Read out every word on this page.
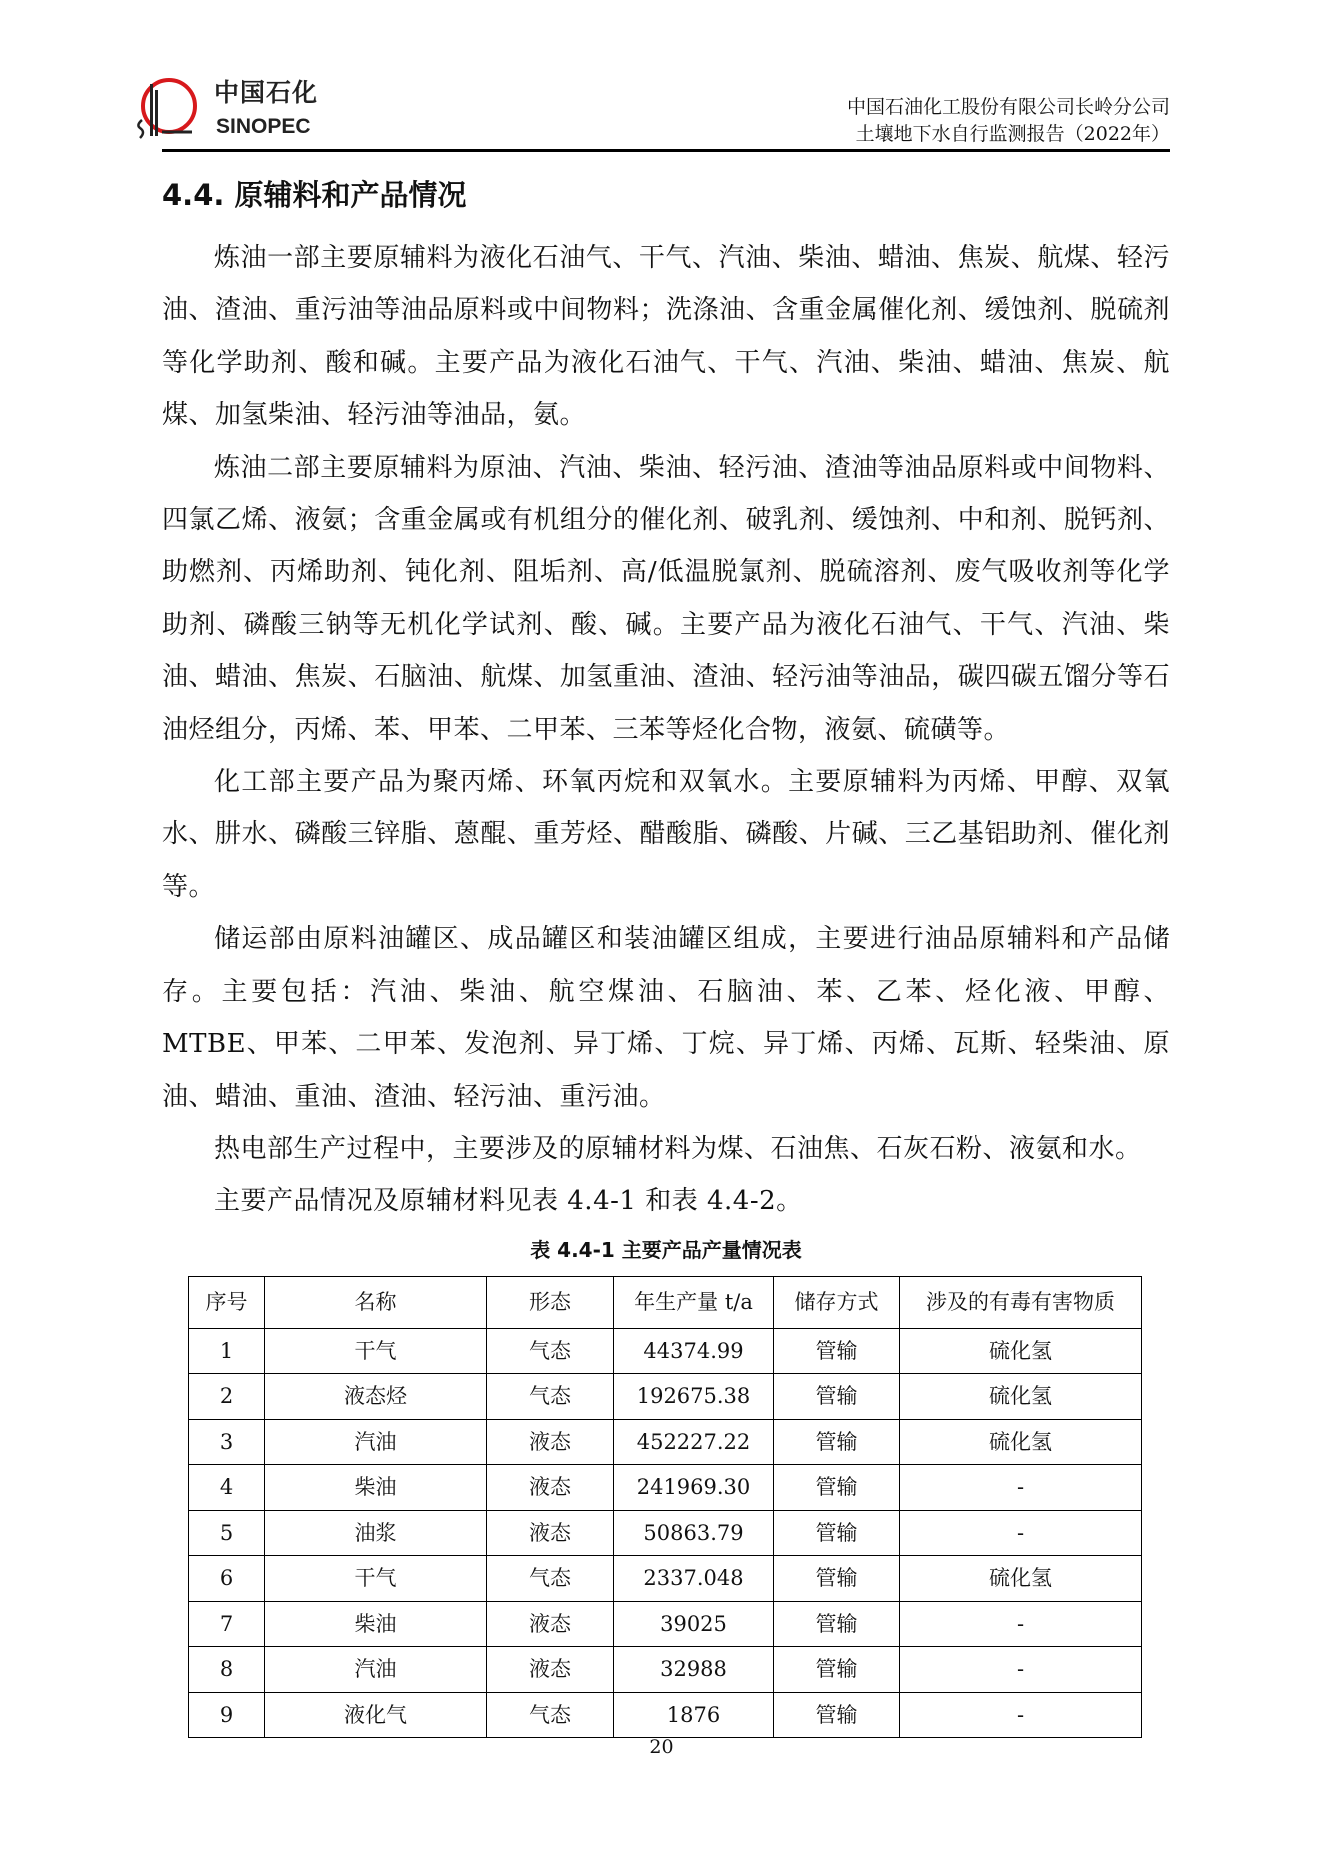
中国石化
SINOPEC
中国石油化工股份有限公司长岭分公司
土壤地下水自行监测报告（2022年）
4.4. 原辅料和产品情况

炼油一部主要原辅料为液化石油气、干气、汽油、柴油、蜡油、焦炭、航煤、轻污油、渣油、重污油等油品原料或中间物料；洗涤油、含重金属催化剂、缓蚀剂、脱硫剂等化学助剂、酸和碱。主要产品为液化石油气、干气、汽油、柴油、蜡油、焦炭、航煤、加氢柴油、轻污油等油品，氨。

炼油二部主要原辅料为原油、汽油、柴油、轻污油、渣油等油品原料或中间物料、四氯乙烯、液氨；含重金属或有机组分的催化剂、破乳剂、缓蚀剂、中和剂、脱钙剂、助燃剂、丙烯助剂、钝化剂、阻垢剂、高/低温脱氯剂、脱硫溶剂、废气吸收剂等化学助剂、磷酸三钠等无机化学试剂、酸、碱。主要产品为液化石油气、干气、汽油、柴油、蜡油、焦炭、石脑油、航煤、加氢重油、渣油、轻污油等油品，碳四碳五馏分等石油烃组分，丙烯、苯、甲苯、二甲苯、三苯等烃化合物，液氨、硫磺等。

化工部主要产品为聚丙烯、环氧丙烷和双氧水。主要原辅料为丙烯、甲醇、双氧水、肼水、磷酸三锌脂、蒽醌、重芳烃、醋酸脂、磷酸、片碱、三乙基铝助剂、催化剂等。

储运部由原料油罐区、成品罐区和装油罐区组成，主要进行油品原辅料和产品储存。主要包括：汽油、柴油、航空煤油、石脑油、苯、乙苯、烃化液、甲醇、MTBE、甲苯、二甲苯、发泡剂、异丁烯、丁烷、异丁烯、丙烯、瓦斯、轻柴油、原油、蜡油、重油、渣油、轻污油、重污油。

热电部生产过程中，主要涉及的原辅材料为煤、石油焦、石灰石粉、液氨和水。

主要产品情况及原辅材料见表 4.4-1 和表 4.4-2。

表 4.4-1 主要产品产量情况表
序号	名称	形态	年生产量 t/a	储存方式	涉及的有毒有害物质
1	干气	气态	44374.99	管输	硫化氢
2	液态烃	气态	192675.38	管输	硫化氢
3	汽油	液态	452227.22	管输	硫化氢
4	柴油	液态	241969.30	管输	-
5	油浆	液态	50863.79	管输	-
6	干气	气态	2337.048	管输	硫化氢
7	柴油	液态	39025	管输	-
8	汽油	液态	32988	管输	-
9	液化气	气态	1876	管输	-
20
